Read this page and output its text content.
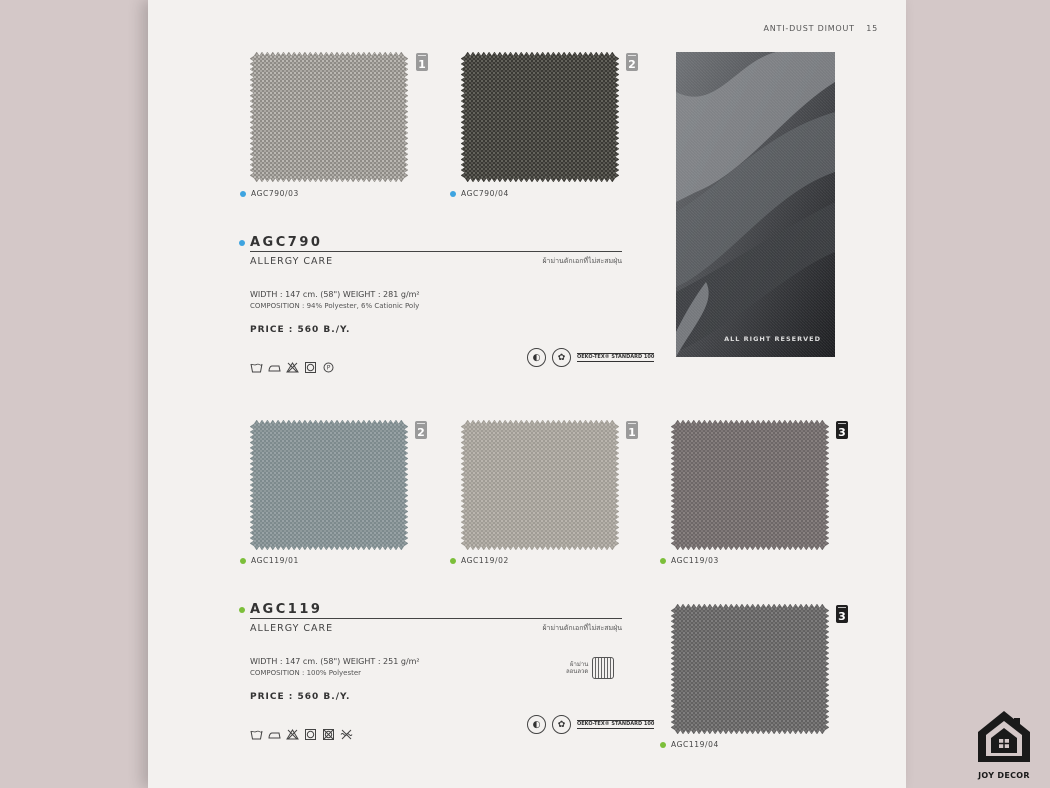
ANTI-DUST DIMOUT 15
1
AGC790/03
2
AGC790/04
ALL RIGHT RESERVED
AGC790
ALLERGY CARE	ผ้าม่านดักเอกที่ไม่สะสมฝุ่น
WIDTH : 147 cm. (58") WEIGHT : 281 g/m²
COMPOSITION : 94% Polyester, 6% Cationic Poly
PRICE : 560 B./Y.
P
◐	✿	OEKO-TEX® STANDARD 100
2
AGC119/01
1
AGC119/02
3
AGC119/03
AGC119
ALLERGY CARE	ผ้าม่านดักเอกที่ไม่สะสมฝุ่น
WIDTH : 147 cm. (58") WEIGHT : 251 g/m²
COMPOSITION : 100% Polyester
PRICE : 560 B./Y.
ผ้าม่าน
ลอนลวด
◐	✿	OEKO-TEX® STANDARD 100
3
AGC119/04
JOY DECOR
